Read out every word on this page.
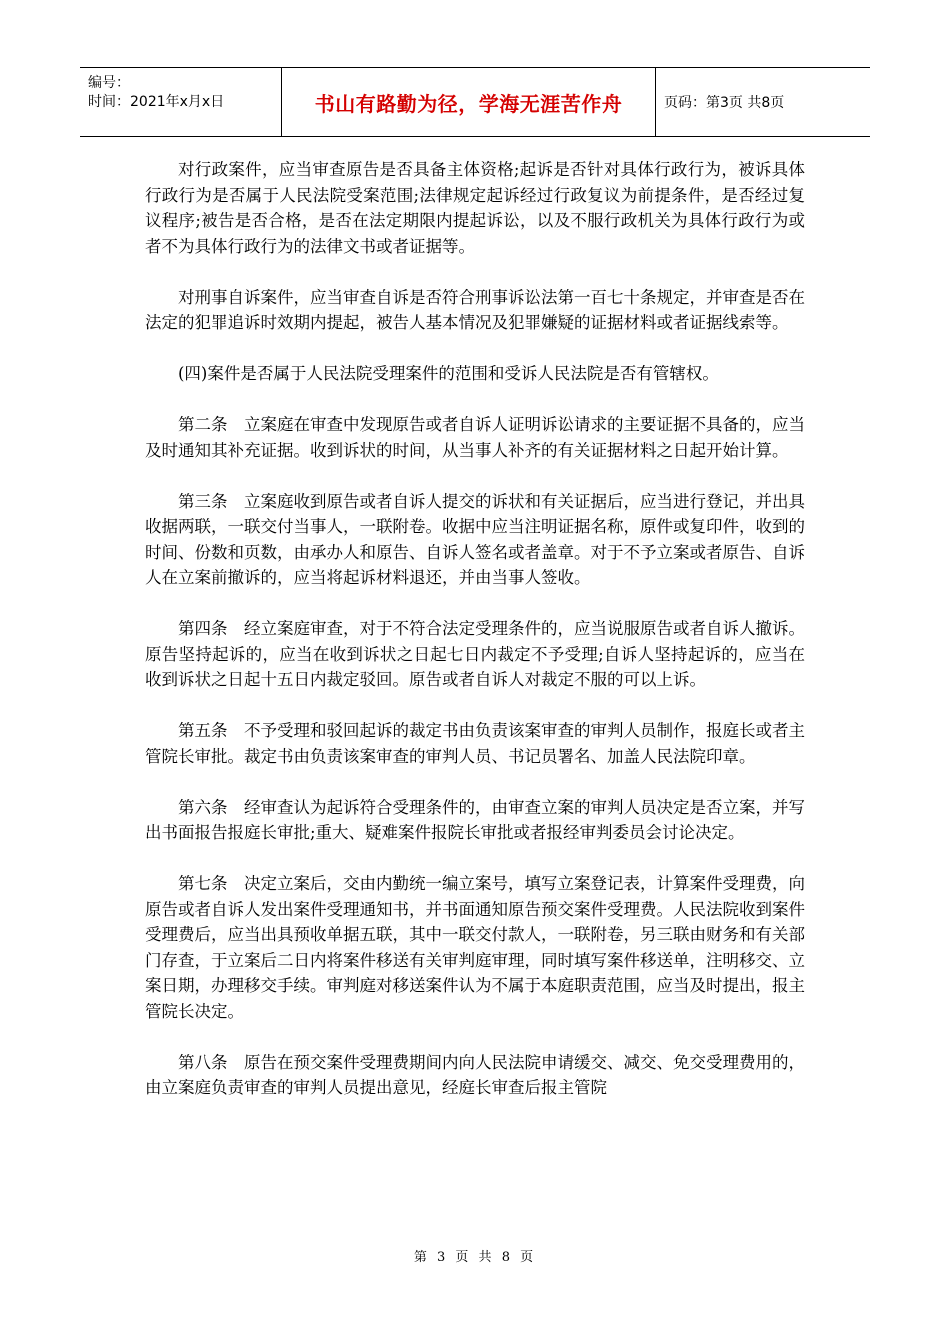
编号：
时间：2021年x月x日	书山有路勤为径，学海无涯苦作舟	页码：第3页 共8页

对行政案件，应当审查原告是否具备主体资格;起诉是否针对具体行政行为，被诉具体行政行为是否属于人民法院受案范围;法律规定起诉经过行政复议为前提条件，是否经过复议程序;被告是否合格，是否在法定期限内提起诉讼，以及不服行政机关为具体行政行为或者不为具体行政行为的法律文书或者证据等。

对刑事自诉案件，应当审查自诉是否符合刑事诉讼法第一百七十条规定，并审查是否在法定的犯罪追诉时效期内提起，被告人基本情况及犯罪嫌疑的证据材料或者证据线索等。

(四)案件是否属于人民法院受理案件的范围和受诉人民法院是否有管辖权。

第二条　立案庭在审查中发现原告或者自诉人证明诉讼请求的主要证据不具备的，应当及时通知其补充证据。收到诉状的时间，从当事人补齐的有关证据材料之日起开始计算。

第三条　立案庭收到原告或者自诉人提交的诉状和有关证据后，应当进行登记，并出具收据两联，一联交付当事人，一联附卷。收据中应当注明证据名称，原件或复印件，收到的时间、份数和页数，由承办人和原告、自诉人签名或者盖章。对于不予立案或者原告、自诉人在立案前撤诉的，应当将起诉材料退还，并由当事人签收。

第四条　经立案庭审查，对于不符合法定受理条件的，应当说服原告或者自诉人撤诉。原告坚持起诉的，应当在收到诉状之日起七日内裁定不予受理;自诉人坚持起诉的，应当在收到诉状之日起十五日内裁定驳回。原告或者自诉人对裁定不服的可以上诉。

第五条　不予受理和驳回起诉的裁定书由负责该案审查的审判人员制作，报庭长或者主管院长审批。裁定书由负责该案审查的审判人员、书记员署名、加盖人民法院印章。

第六条　经审查认为起诉符合受理条件的，由审查立案的审判人员决定是否立案，并写出书面报告报庭长审批;重大、疑难案件报院长审批或者报经审判委员会讨论决定。

第七条　决定立案后，交由内勤统一编立案号，填写立案登记表，计算案件受理费，向原告或者自诉人发出案件受理通知书，并书面通知原告预交案件受理费。人民法院收到案件受理费后，应当出具预收单据五联，其中一联交付款人，一联附卷，另三联由财务和有关部门存查，于立案后二日内将案件移送有关审判庭审理，同时填写案件移送单，注明移交、立案日期，办理移交手续。审判庭对移送案件认为不属于本庭职责范围，应当及时提出，报主管院长决定。

第八条　原告在预交案件受理费期间内向人民法院申请缓交、减交、免交受理费用的，由立案庭负责审查的审判人员提出意见，经庭长审查后报主管院

第 3 页 共 8 页
